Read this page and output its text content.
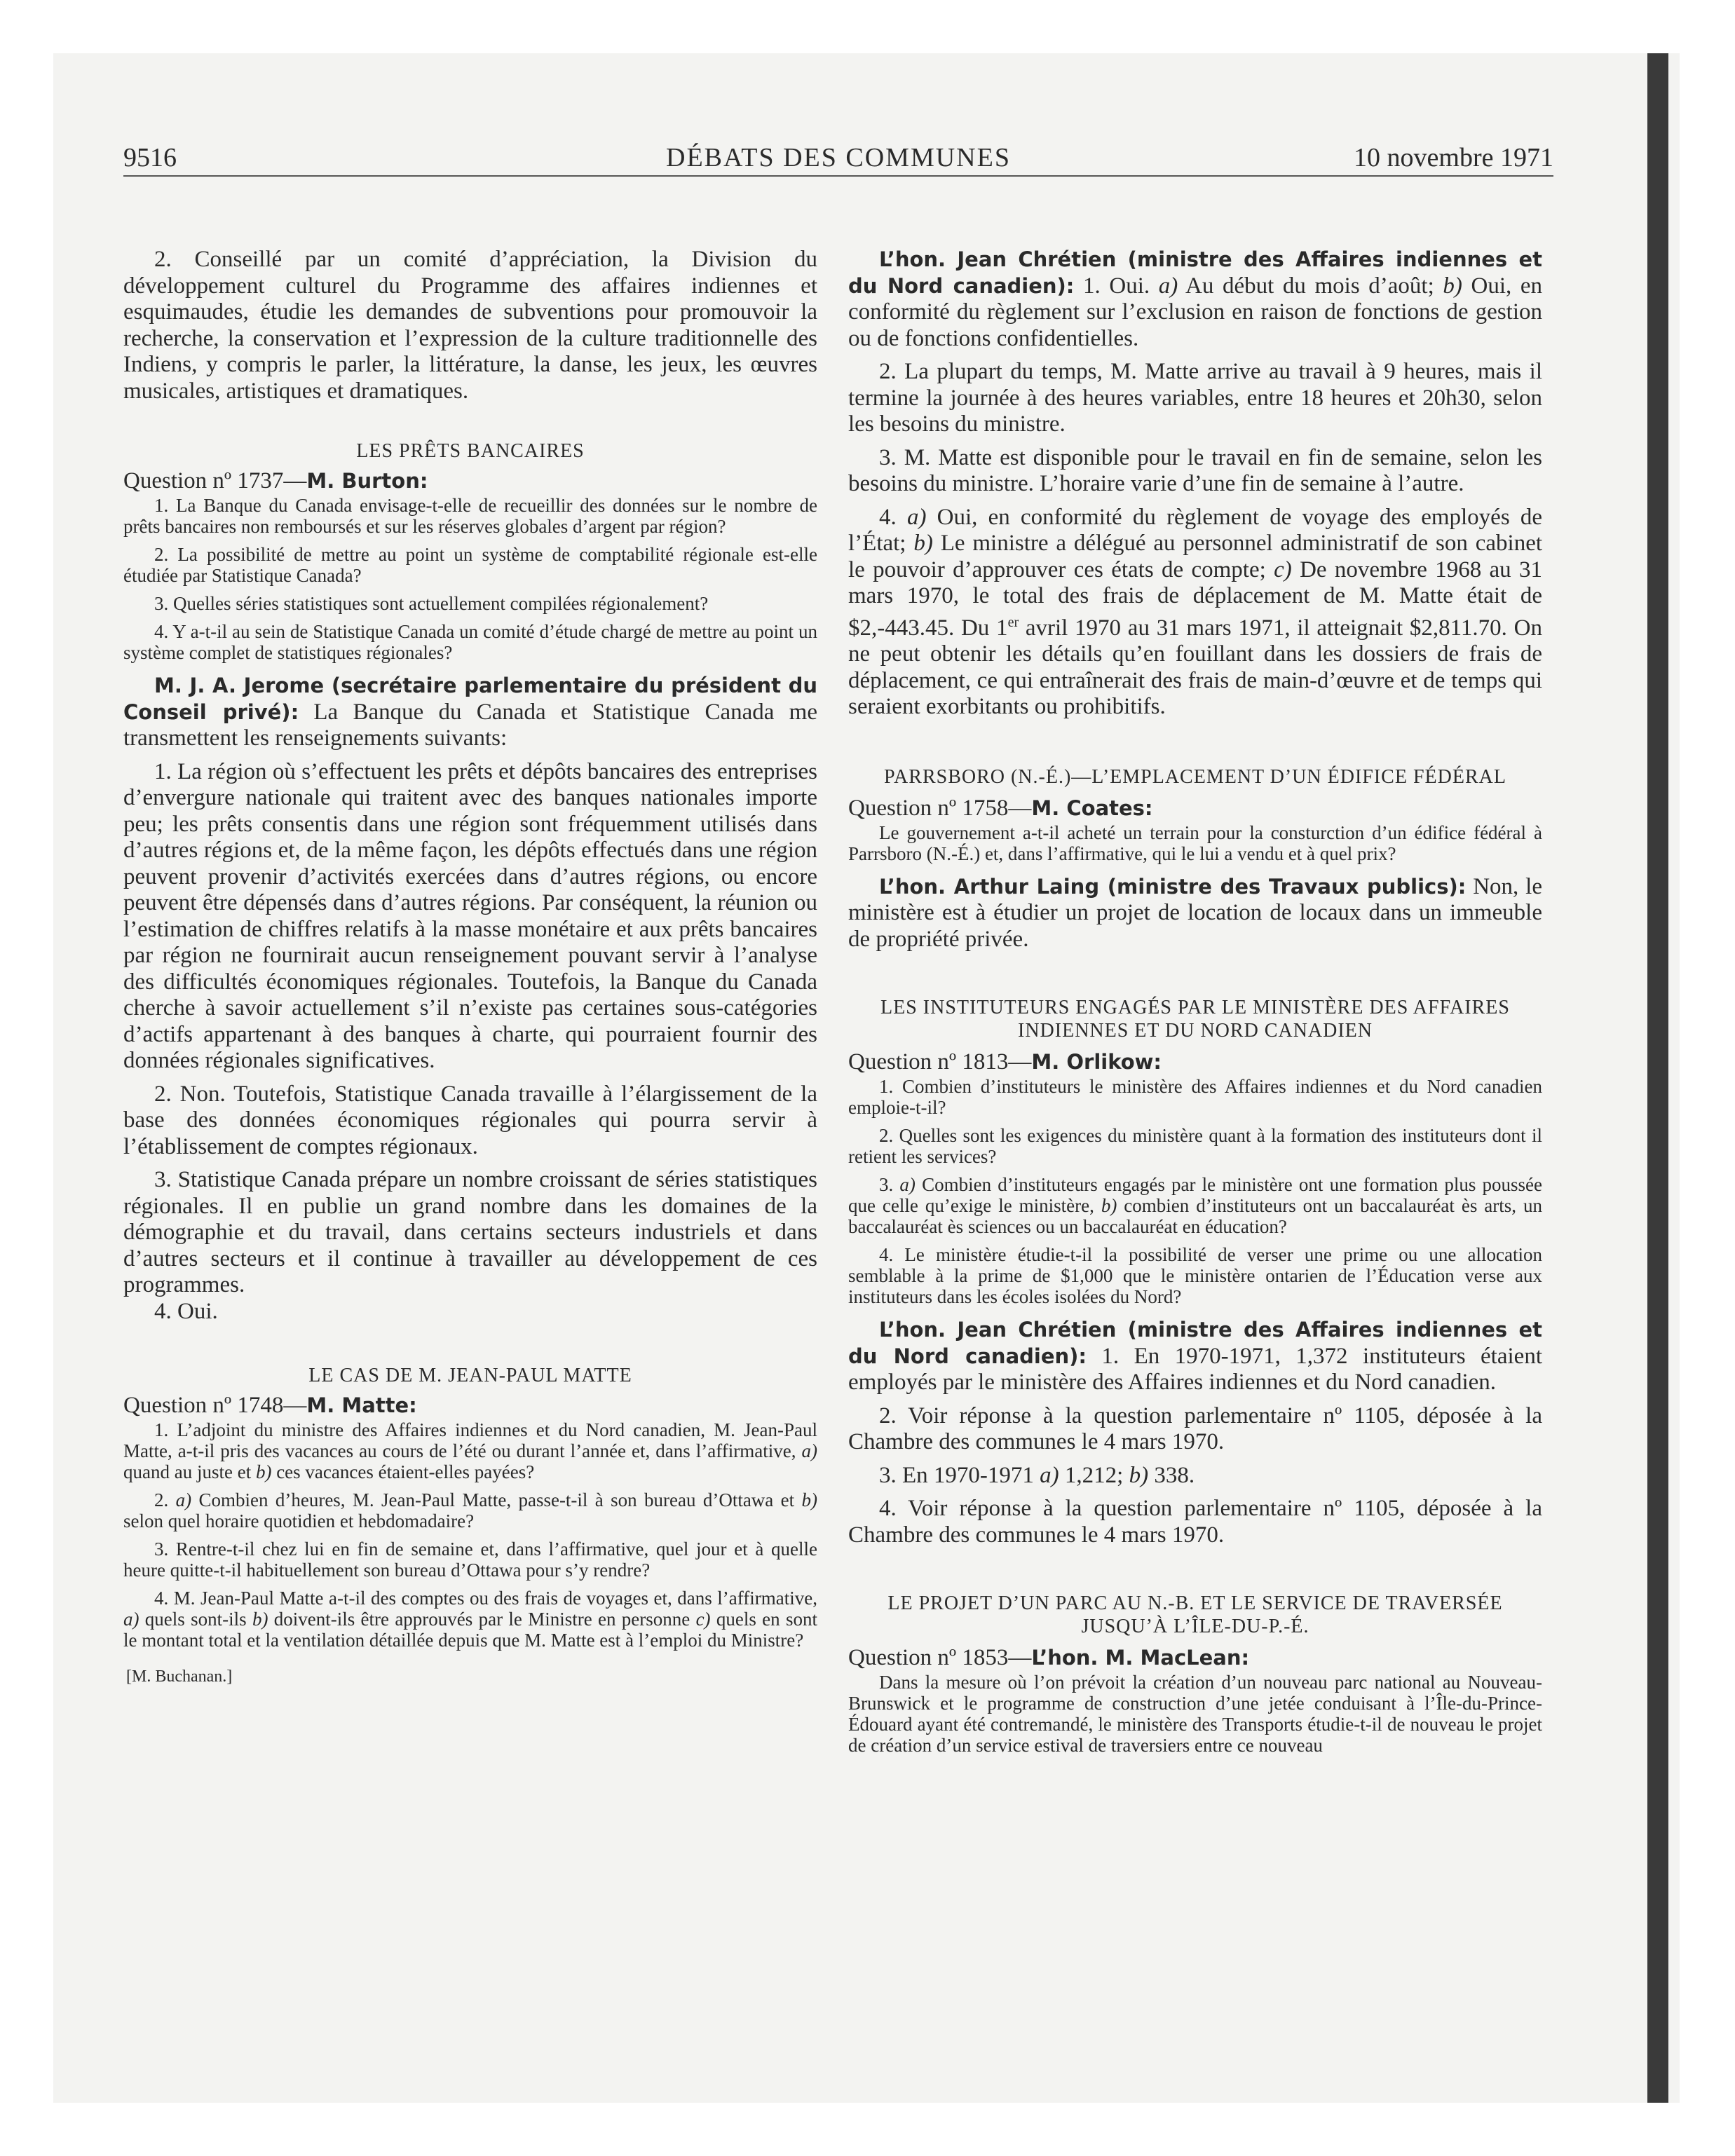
9516	DÉBATS DES COMMUNES	10 novembre 1971

2. Conseillé par un comité d’appréciation, la Division du développement culturel du Programme des affaires indiennes et esquimaudes, étudie les demandes de subventions pour promouvoir la recherche, la conservation et l’expression de la culture traditionnelle des Indiens, y compris le parler, la littérature, la danse, les jeux, les œuvres musicales, artistiques et dramatiques.

LES PRÊTS BANCAIRES

Question nº 1737—M. Burton:

1. La Banque du Canada envisage-t-elle de recueillir des données sur le nombre de prêts bancaires non remboursés et sur les réserves globales d’argent par région?

2. La possibilité de mettre au point un système de comptabilité régionale est-elle étudiée par Statistique Canada?

3. Quelles séries statistiques sont actuellement compilées régionalement?

4. Y a-t-il au sein de Statistique Canada un comité d’étude chargé de mettre au point un système complet de statistiques régionales?

M. J. A. Jerome (secrétaire parlementaire du président du Conseil privé): La Banque du Canada et Statistique Canada me transmettent les renseignements suivants:

1. La région où s’effectuent les prêts et dépôts bancaires des entreprises d’envergure nationale qui traitent avec des banques nationales importe peu; les prêts consentis dans une région sont fréquemment utilisés dans d’autres régions et, de la même façon, les dépôts effectués dans une région peuvent provenir d’activités exercées dans d’autres régions, ou encore peuvent être dépensés dans d’autres régions. Par conséquent, la réunion ou l’estimation de chiffres relatifs à la masse monétaire et aux prêts bancaires par région ne fournirait aucun renseignement pouvant servir à l’analyse des difficultés économiques régionales. Toutefois, la Banque du Canada cherche à savoir actuellement s’il n’existe pas certaines sous-catégories d’actifs appartenant à des banques à charte, qui pourraient fournir des données régionales significatives.

2. Non. Toutefois, Statistique Canada travaille à l’élargissement de la base des données économiques régionales qui pourra servir à l’établissement de comptes régionaux.

3. Statistique Canada prépare un nombre croissant de séries statistiques régionales. Il en publie un grand nombre dans les domaines de la démographie et du travail, dans certains secteurs industriels et dans d’autres secteurs et il continue à travailler au développement de ces programmes.

4. Oui.

LE CAS DE M. JEAN-PAUL MATTE

Question nº 1748—M. Matte:

1. L’adjoint du ministre des Affaires indiennes et du Nord canadien, M. Jean-Paul Matte, a-t-il pris des vacances au cours de l’été ou durant l’année et, dans l’affirmative, a) quand au juste et b) ces vacances étaient-elles payées?

2. a) Combien d’heures, M. Jean-Paul Matte, passe-t-il à son bureau d’Ottawa et b) selon quel horaire quotidien et hebdomadaire?

3. Rentre-t-il chez lui en fin de semaine et, dans l’affirmative, quel jour et à quelle heure quitte-t-il habituellement son bureau d’Ottawa pour s’y rendre?

4. M. Jean-Paul Matte a-t-il des comptes ou des frais de voyages et, dans l’affirmative, a) quels sont-ils b) doivent-ils être approuvés par le Ministre en personne c) quels en sont le montant total et la ventilation détaillée depuis que M. Matte est à l’emploi du Ministre?

[M. Buchanan.]

L’hon. Jean Chrétien (ministre des Affaires indiennes et du Nord canadien): 1. Oui. a) Au début du mois d’août; b) Oui, en conformité du règlement sur l’exclusion en raison de fonctions de gestion ou de fonctions confidentielles.

2. La plupart du temps, M. Matte arrive au travail à 9 heures, mais il termine la journée à des heures variables, entre 18 heures et 20h30, selon les besoins du ministre.

3. M. Matte est disponible pour le travail en fin de semaine, selon les besoins du ministre. L’horaire varie d’une fin de semaine à l’autre.

4. a) Oui, en conformité du règlement de voyage des employés de l’État; b) Le ministre a délégué au personnel administratif de son cabinet le pouvoir d’approuver ces états de compte; c) De novembre 1968 au 31 mars 1970, le total des frais de déplacement de M. Matte était de $2,-443.45. Du 1er avril 1970 au 31 mars 1971, il atteignait $2,811.70. On ne peut obtenir les détails qu’en fouillant dans les dossiers de frais de déplacement, ce qui entraînerait des frais de main-d’œuvre et de temps qui seraient exorbitants ou prohibitifs.

PARRSBORO (N.-É.)—L’EMPLACEMENT D’UN ÉDIFICE FÉDÉRAL

Question nº 1758—M. Coates:

Le gouvernement a-t-il acheté un terrain pour la consturction d’un édifice fédéral à Parrsboro (N.-É.) et, dans l’affirmative, qui le lui a vendu et à quel prix?

L’hon. Arthur Laing (ministre des Travaux publics): Non, le ministère est à étudier un projet de location de locaux dans un immeuble de propriété privée.

LES INSTITUTEURS ENGAGÉS PAR LE MINISTÈRE DES AFFAIRES INDIENNES ET DU NORD CANADIEN

Question nº 1813—M. Orlikow:

1. Combien d’instituteurs le ministère des Affaires indiennes et du Nord canadien emploie-t-il?

2. Quelles sont les exigences du ministère quant à la formation des instituteurs dont il retient les services?

3. a) Combien d’instituteurs engagés par le ministère ont une formation plus poussée que celle qu’exige le ministère, b) combien d’instituteurs ont un baccalauréat ès arts, un baccalauréat ès sciences ou un baccalauréat en éducation?

4. Le ministère étudie-t-il la possibilité de verser une prime ou une allocation semblable à la prime de $1,000 que le ministère ontarien de l’Éducation verse aux instituteurs dans les écoles isolées du Nord?

L’hon. Jean Chrétien (ministre des Affaires indiennes et du Nord canadien): 1. En 1970-1971, 1,372 instituteurs étaient employés par le ministère des Affaires indiennes et du Nord canadien.

2. Voir réponse à la question parlementaire nº 1105, déposée à la Chambre des communes le 4 mars 1970.

3. En 1970-1971 a) 1,212; b) 338.

4. Voir réponse à la question parlementaire nº 1105, déposée à la Chambre des communes le 4 mars 1970.

LE PROJET D’UN PARC AU N.-B. ET LE SERVICE DE TRAVERSÉE JUSQU’À L’ÎLE-DU-P.-É.

Question nº 1853—L’hon. M. MacLean:

Dans la mesure où l’on prévoit la création d’un nouveau parc national au Nouveau-Brunswick et le programme de construction d’une jetée conduisant à l’Île-du-Prince-Édouard ayant été contremandé, le ministère des Transports étudie-t-il de nouveau le projet de création d’un service estival de traversiers entre ce nouveau
